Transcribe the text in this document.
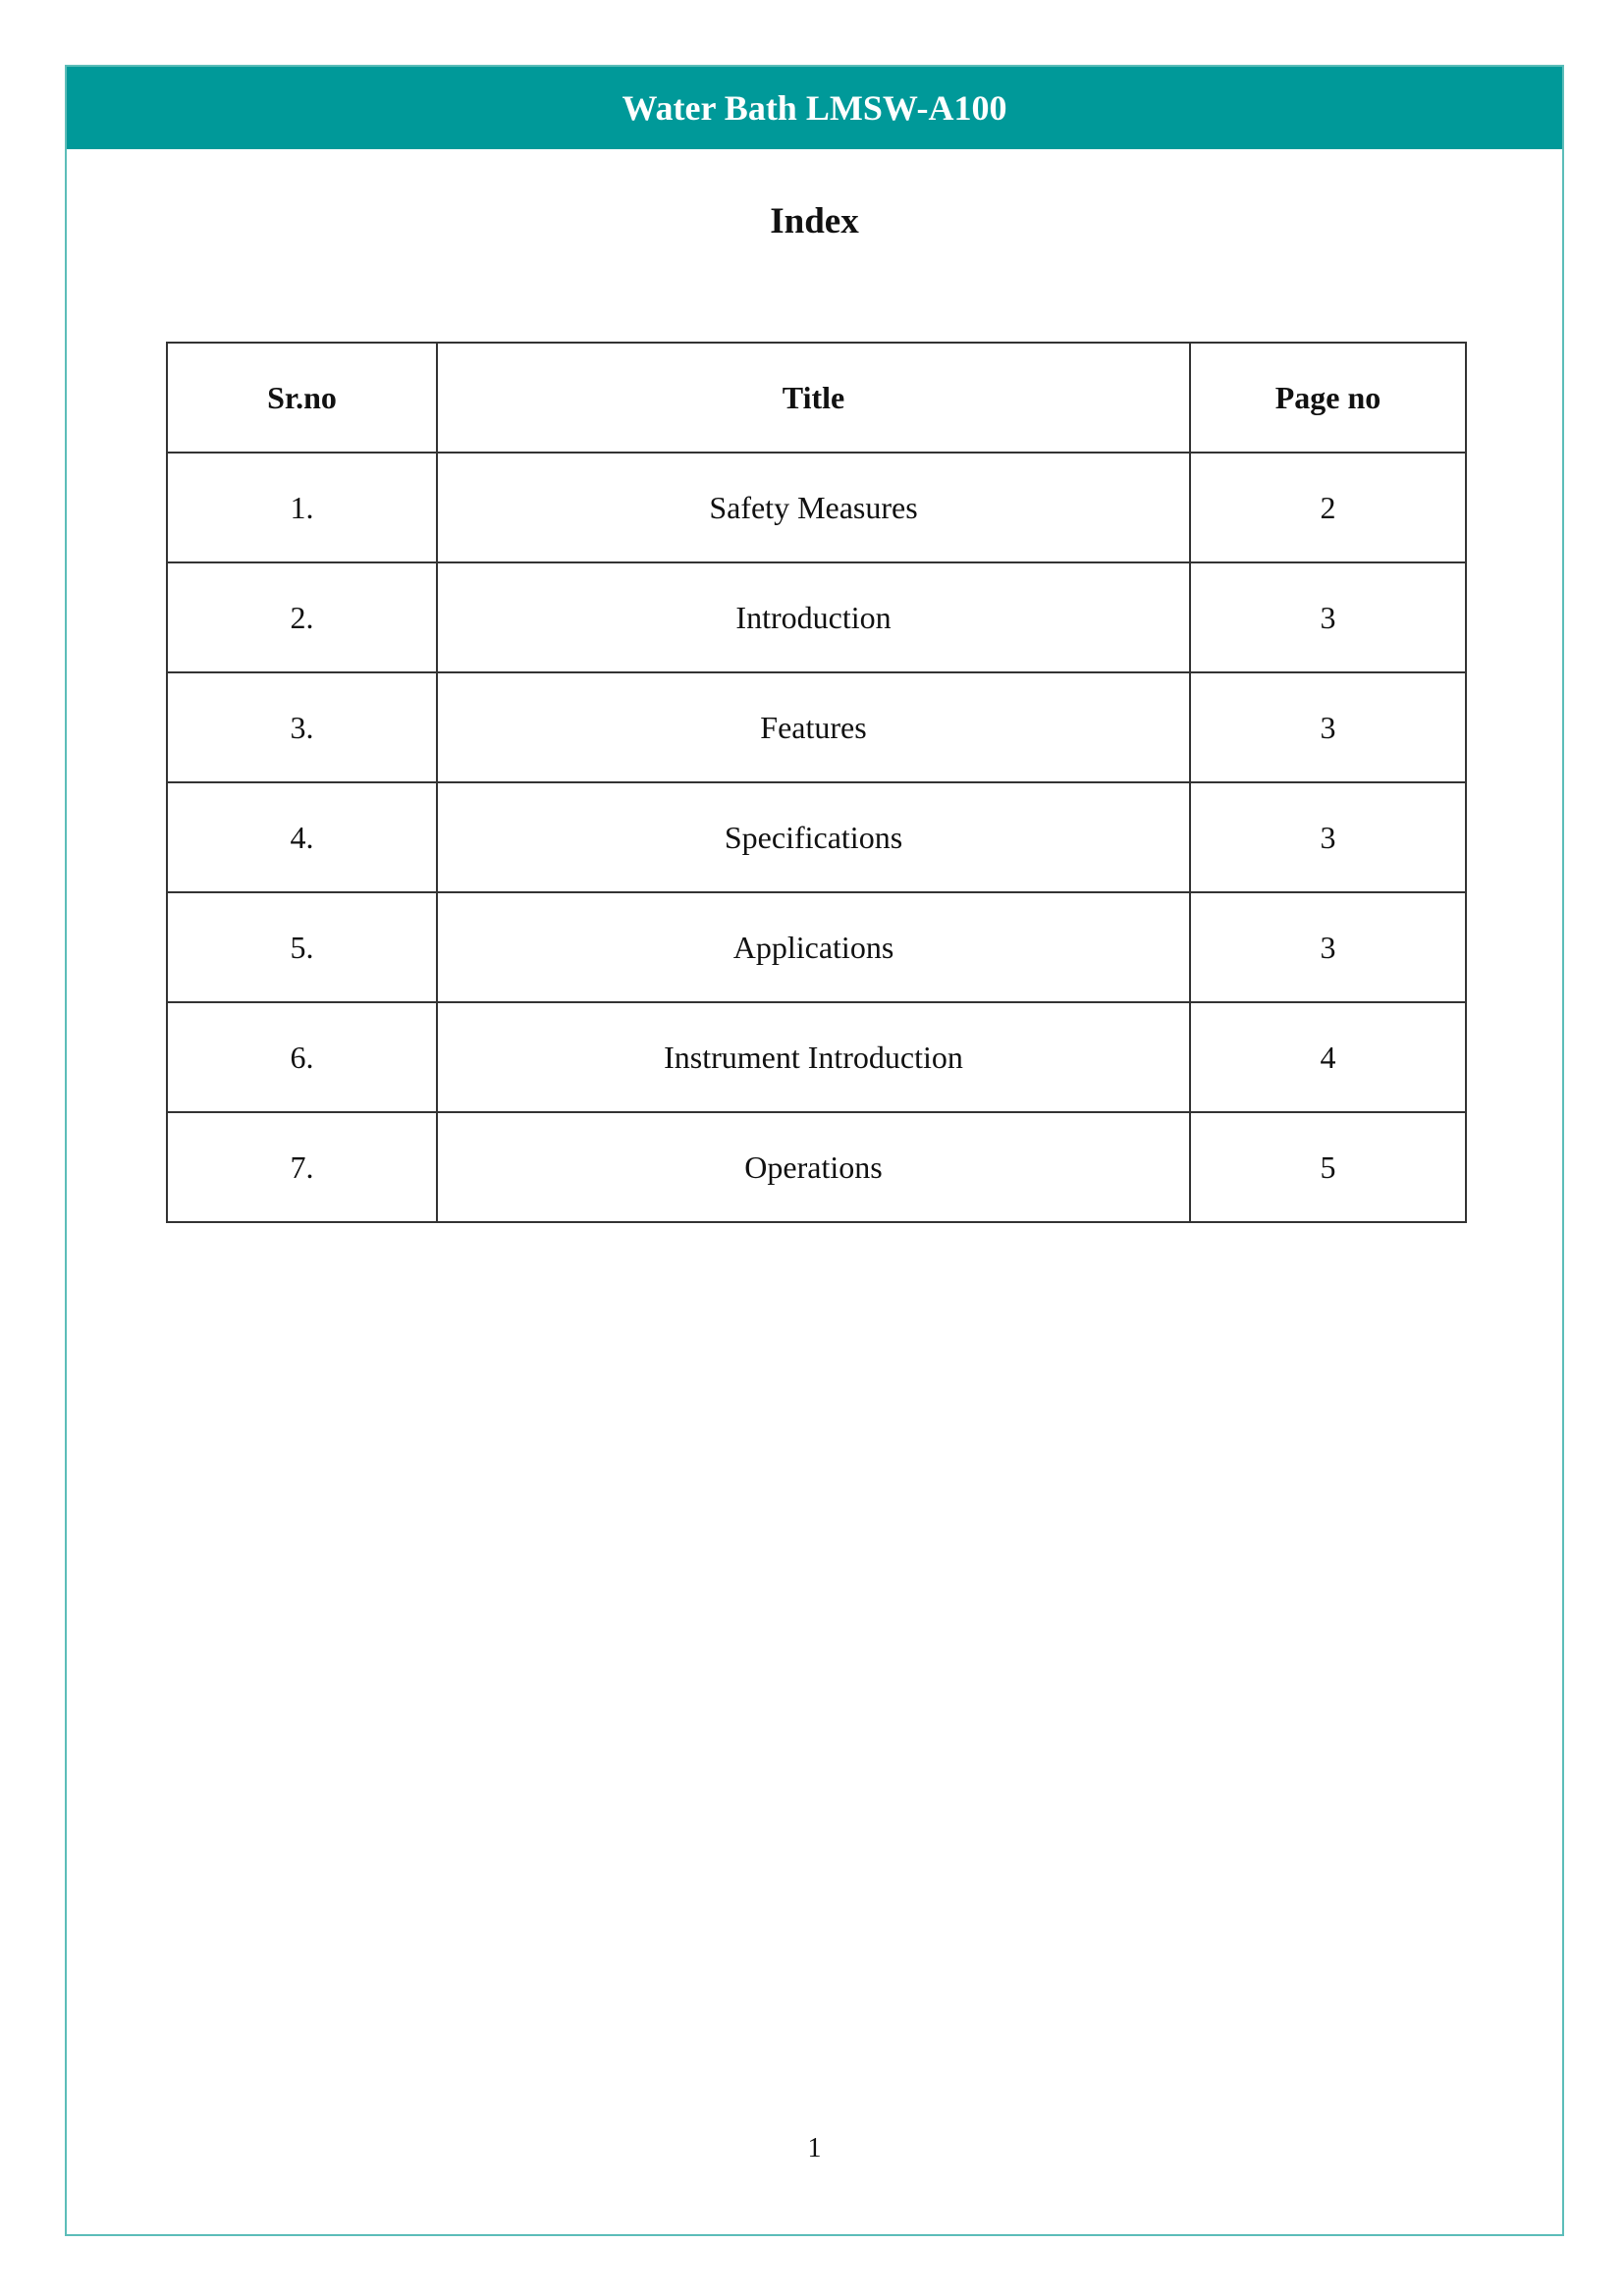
Water Bath LMSW-A100
Index
Sr.no	Title	Page no
1.	Safety Measures	2
2.	Introduction	3
3.	Features	3
4.	Specifications	3
5.	Applications	3
6.	Instrument Introduction	4
7.	Operations	5
1
